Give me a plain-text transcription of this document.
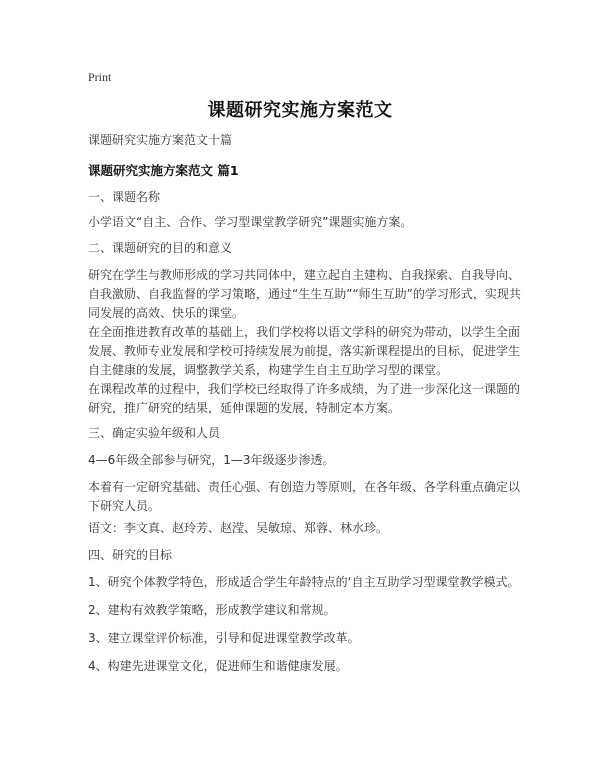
Print
课题研究实施方案范文
课题研究实施方案范文十篇
课题研究实施方案范文 篇1

一、课题名称

小学语文“自主、合作、学习型课堂教学研究”课题实施方案。

二、课题研究的目的和意义

研究在学生与教师形成的学习共同体中，建立起自主建构、自我探索、自我导向、
自我激励、自我监督的学习策略，通过“生生互助”“师生互助”的学习形式，实现共
同发展的高效、快乐的课堂。

在全面推进教育改革的基础上，我们学校将以语文学科的研究为带动，以学生全面
发展、教师专业发展和学校可持续发展为前提，落实新课程提出的目标，促进学生
自主健康的发展，调整教学关系，构建学生自主互助学习型的课堂。

在课程改革的过程中，我们学校已经取得了许多成绩，为了进一步深化这一课题的
研究，推广研究的结果，延伸课题的发展，特制定本方案。

三、确定实验年级和人员

4—6年级全部参与研究，1—3年级逐步渗透。

本着有一定研究基础、责任心强、有创造力等原则，在各年级、各学科重点确定以
下研究人员。

语文：李文真、赵玲芳、赵滢、吴敏琼、郑蓉、林水珍。

四、研究的目标

1、研究个体教学特色，形成适合学生年龄特点的‘自主互助学习型课堂教学模式。

2、建构有效教学策略，形成教学建议和常规。

3、建立课堂评价标准，引导和促进课堂教学改革。

4、构建先进课堂文化，促进师生和谐健康发展。
